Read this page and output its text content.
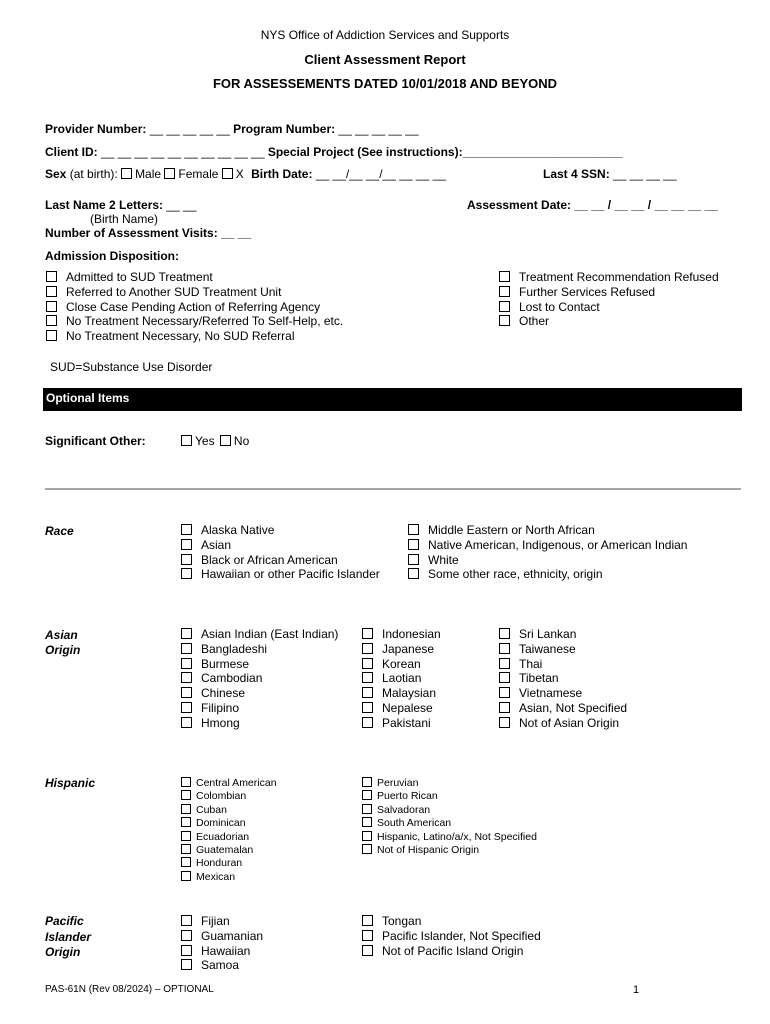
NYS Office of Addiction Services and Supports
Client Assessment Report
FOR ASSESSEMENTS DATED 10/01/2018 AND BEYOND
Provider Number: __ __ __ __ __ Program Number: __ __ __ __ __
Client ID: __ __ __ __ __ __ __ __ __ __ Special Project (See instructions):________________________
Sex (at birth): Male Female X Birth Date: __ __/__ __/__ __ __ __	Last 4 SSN: __ __ __ __
Last Name 2 Letters: __ __
(Birth Name)
Assessment Date: __ __ / __ __ / __ __ __ __
Number of Assessment Visits: __ __
Admission Disposition:
Admitted to SUD Treatment
Referred to Another SUD Treatment Unit
Close Case Pending Action of Referring Agency
No Treatment Necessary/Referred To Self-Help, etc.
No Treatment Necessary, No SUD Referral
Treatment Recommendation Refused
Further Services Refused
Lost to Contact
Other
SUD=Substance Use Disorder
Optional Items
Significant Other:	Yes No
Race	Alaska Native
Asian
Black or African American
Hawaiian or other Pacific Islander
Middle Eastern or North African
Native American, Indigenous, or American Indian
White
Some other race, ethnicity, origin
Asian
Origin
Asian Indian (East Indian)
Bangladeshi
Burmese
Cambodian
Chinese
Filipino
Hmong
Indonesian
Japanese
Korean
Laotian
Malaysian
Nepalese
Pakistani
Sri Lankan
Taiwanese
Thai
Tibetan
Vietnamese
Asian, Not Specified
Not of Asian Origin
Hispanic	Central American
Colombian
Cuban
Dominican
Ecuadorian
Guatemalan
Honduran
Mexican
Peruvian
Puerto Rican
Salvadoran
South American
Hispanic, Latino/a/x, Not Specified
Not of Hispanic Origin
Pacific
Islander
Origin
Fijian
Guamanian
Hawaiian
Samoa
Tongan
Pacific Islander, Not Specified
Not of Pacific Island Origin
PAS-61N (Rev 08/2024) – OPTIONAL	1
